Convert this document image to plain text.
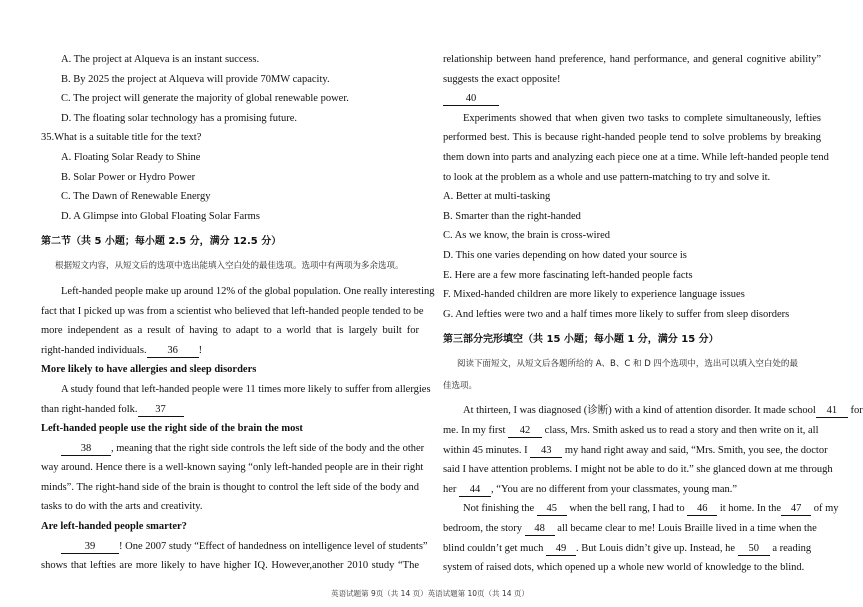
A. The project at Alqueva is an instant success.

B. By 2025 the project at Alqueva will provide 70MW capacity.

C. The project will generate the majority of global renewable power.

D. The floating solar technology has a promising future.

35.What is a suitable title for the text?

A. Floating Solar Ready to Shine

B. Solar Power or Hydro Power

C. The Dawn of Renewable Energy

D. A Glimpse into Global Floating Solar Farms

第二节（共 5 小题；每小题 2.5 分，满分 12.5 分）

根据短文内容，从短文后的选项中选出能填入空白处的最佳选项。选项中有两项为多余选项。

Left-handed people make up around 12% of the global population. One really interesting

fact that I picked up was from a scientist who believed that left-handed people tended to be

more independent as a result of having to adapt to a world that is largely built for

right-handed individuals. 36 !

More likely to have allergies and sleep disorders

A study found that left-handed people were 11 times more likely to suffer from allergies

than right-handed folk. 37

Left-handed people use the right side of the brain the most

38 , meaning that the right side controls the left side of the body and the other

way around. Hence there is a well-known saying “only left-handed people are in their right

minds”. The right-hand side of the brain is thought to control the left side of the body and

tasks to do with the arts and creativity.

Are left-handed people smarter?

39 ! One 2007 study “Effect of handedness on intelligence level of students”

shows that lefties are more likely to have higher IQ. However,another 2010 study “The

relationship between hand preference, hand performance, and general cognitive ability”

suggests the exact opposite!

40

Experiments showed that when given two tasks to complete simultaneously, lefties

performed best. This is because right-handed people tend to solve problems by breaking

them down into parts and analyzing each piece one at a time. While left-handed people tend

to look at the problem as a whole and use pattern-matching to try and solve it.

A. Better at multi-tasking

B. Smarter than the right-handed

C. As we know, the brain is cross-wired

D. This one varies depending on how dated your source is

E. Here are a few more fascinating left-handed people facts

F. Mixed-handed children are more likely to experience language issues

G. And lefties were two and a half times more likely to suffer from sleep disorders

第三部分完形填空（共 15 小题；每小题 1 分，满分 15 分）

阅读下面短文，从短文后各题所给的 A、B、C 和 D 四个选项中，选出可以填入空白处的最

佳选项。

At thirteen, I was diagnosed (诊断) with a kind of attention disorder. It made school 41 for

me. In my first 42 class, Mrs. Smith asked us to read a story and then write on it, all

within 45 minutes. I 43 my hand right away and said, “Mrs. Smith, you see, the doctor

said I have attention problems. I might not be able to do it.” she glanced down at me through

her 44 , “You are no different from your classmates, young man.”

Not finishing the 45 when the bell rang, I had to 46 it home. In the 47 of my

bedroom, the story 48 all became clear to me! Louis Braille lived in a time when the

blind couldn’t get much 49 . But Louis didn’t give up. Instead, he 50 a reading

system of raised dots, which opened up a whole new world of knowledge to the blind.

英语试题第 9页（共 14 页）英语试题第 10页（共 14 页）
